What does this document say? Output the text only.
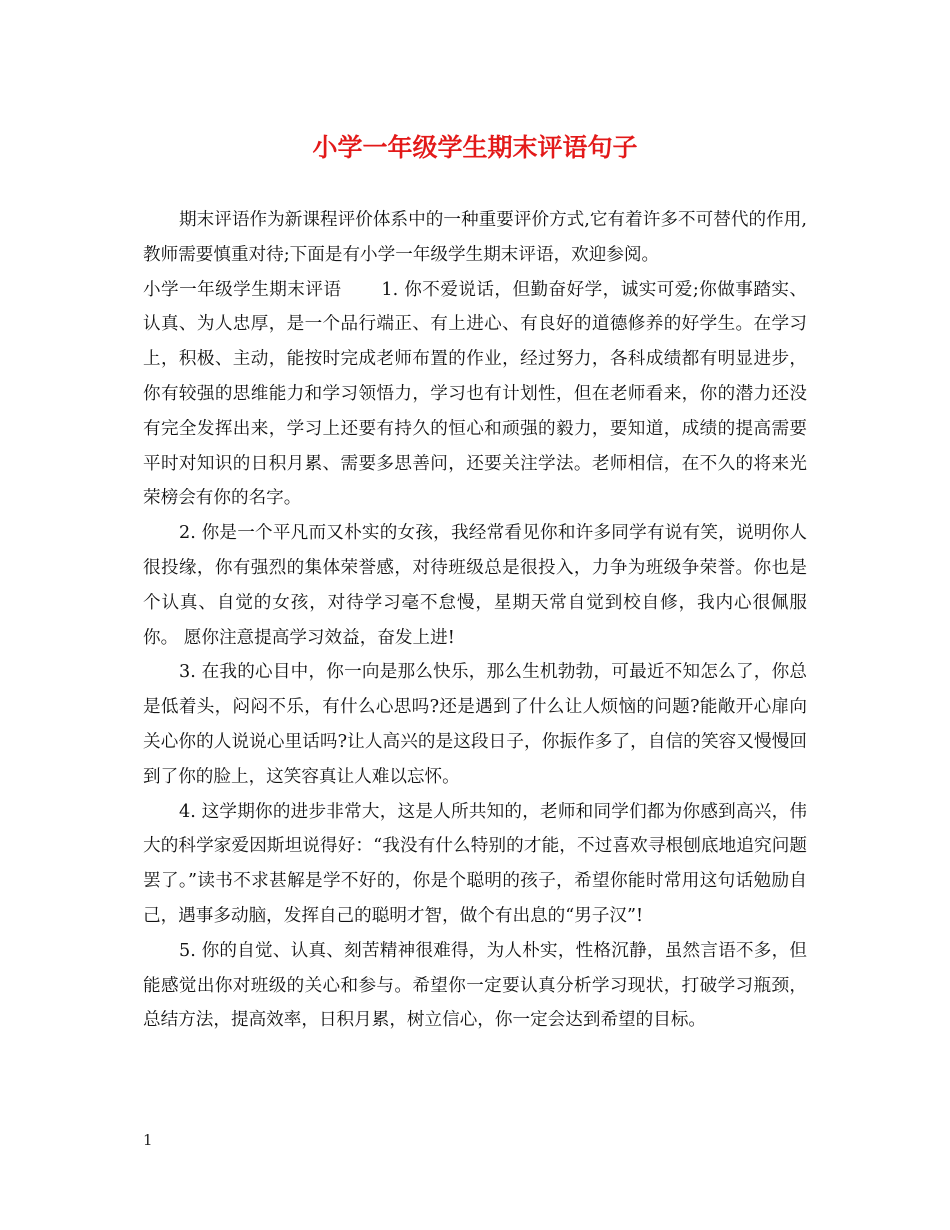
小学一年级学生期末评语句子

期末评语作为新课程评价体系中的一种重要评价方式,它有着许多不可替代的作用,教师需要慎重对待;下面是有小学一年级学生期末评语，欢迎参阅。

小学一年级学生期末评语 1. 你不爱说话，但勤奋好学，诚实可爱;你做事踏实、认真、为人忠厚，是一个品行端正、有上进心、有良好的道德修养的好学生。在学习上，积极、主动，能按时完成老师布置的作业，经过努力，各科成绩都有明显进步，你有较强的思维能力和学习领悟力，学习也有计划性，但在老师看来，你的潜力还没有完全发挥出来，学习上还要有持久的恒心和顽强的毅力，要知道，成绩的提高需要平时对知识的日积月累、需要多思善问，还要关注学法。老师相信，在不久的将来光荣榜会有你的名字。

2. 你是一个平凡而又朴实的女孩，我经常看见你和许多同学有说有笑，说明你人很投缘，你有强烈的集体荣誉感，对待班级总是很投入，力争为班级争荣誉。你也是个认真、自觉的女孩，对待学习毫不怠慢，星期天常自觉到校自修，我内心很佩服你。 愿你注意提高学习效益，奋发上进!

3. 在我的心目中，你一向是那么快乐，那么生机勃勃，可最近不知怎么了，你总是低着头，闷闷不乐，有什么心思吗?还是遇到了什么让人烦恼的问题?能敞开心扉向关心你的人说说心里话吗?让人高兴的是这段日子，你振作多了，自信的笑容又慢慢回到了你的脸上，这笑容真让人难以忘怀。

4. 这学期你的进步非常大，这是人所共知的，老师和同学们都为你感到高兴，伟大的科学家爱因斯坦说得好：“我没有什么特别的才能，不过喜欢寻根刨底地追究问题罢了。”读书不求甚解是学不好的，你是个聪明的孩子，希望你能时常用这句话勉励自己，遇事多动脑，发挥自己的聪明才智，做个有出息的“男子汉”!

5. 你的自觉、认真、刻苦精神很难得，为人朴实，性格沉静，虽然言语不多，但能感觉出你对班级的关心和参与。希望你一定要认真分析学习现状，打破学习瓶颈，总结方法，提高效率，日积月累，树立信心，你一定会达到希望的目标。

1
